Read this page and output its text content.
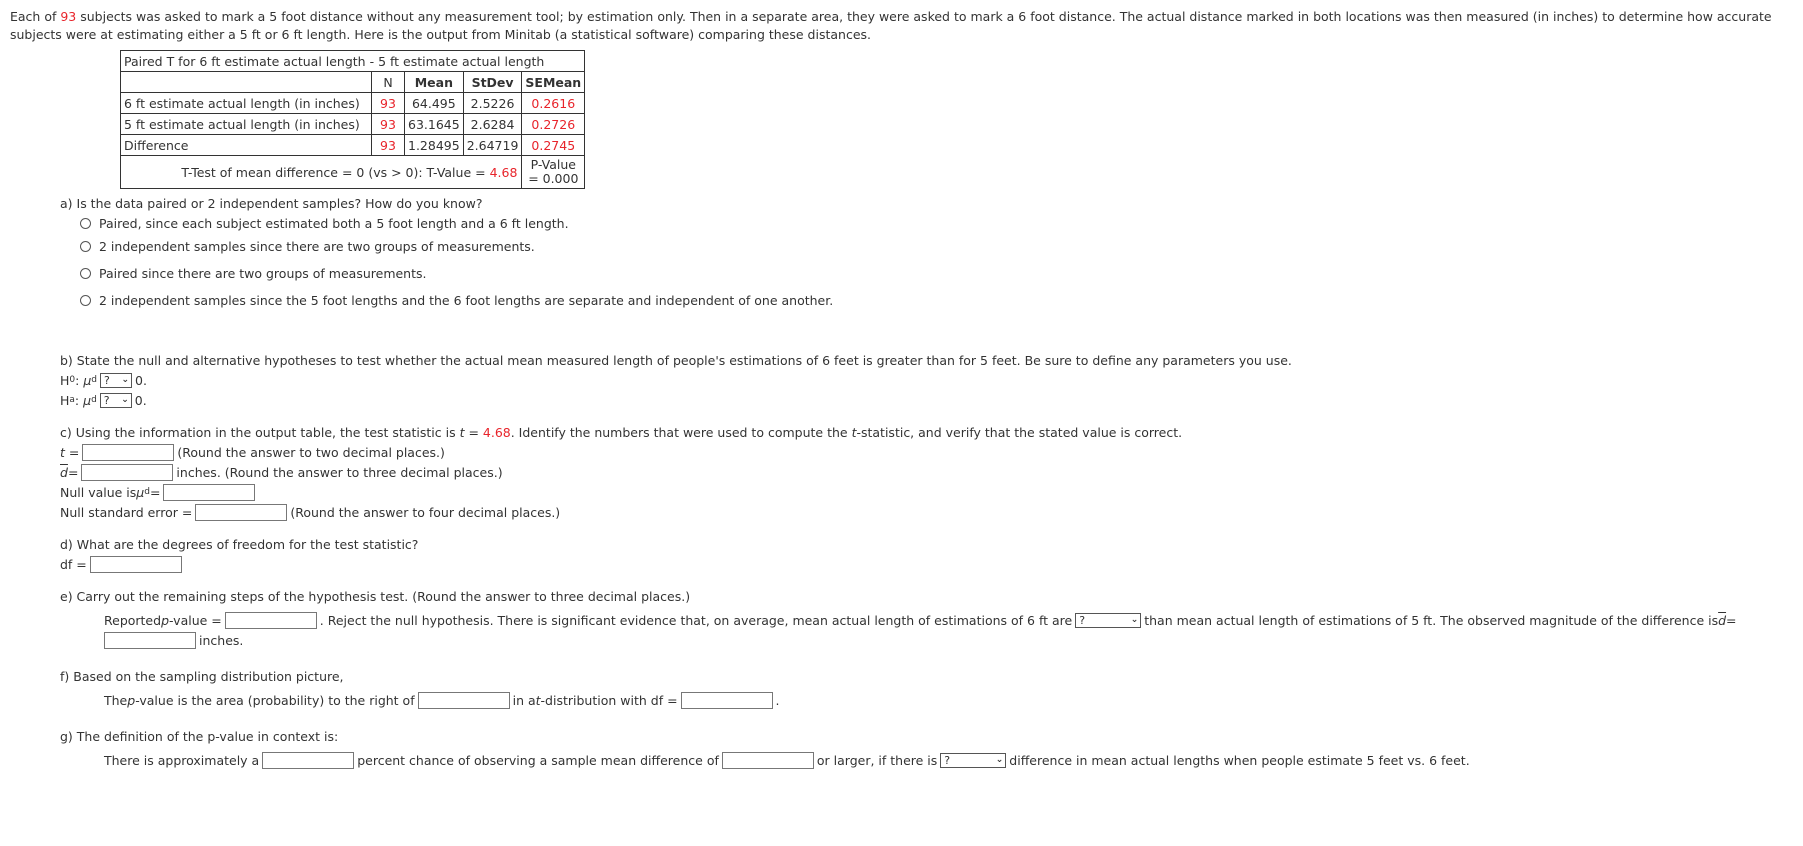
Each of 93 subjects was asked to mark a 5 foot distance without any measurement tool; by estimation only. Then in a separate area, they were asked to mark a 6 foot distance. The actual distance marked in both locations was then measured (in inches) to determine how accurate subjects were at estimating either a 5 ft or 6 ft length. Here is the output from Minitab (a statistical software) comparing these distances.
Paired T for 6 ft estimate actual length - 5 ft estimate actual length				
	N	Mean	StDev	SEMean
6 ft estimate actual length (in inches)	93	64.495	2.5226	0.2616
5 ft estimate actual length (in inches)	93	63.1645	2.6284	0.2726
Difference	93	1.28495	2.64719	0.2745
T-Test of mean difference = 0 (vs > 0): T-Value = 4.68				P-Value
= 0.000
a) Is the data paired or 2 independent samples? How do you know?
Paired, since each subject estimated both a 5 foot length and a 6 ft length.
2 independent samples since there are two groups of measurements.
Paired since there are two groups of measurements.
2 independent samples since the 5 foot lengths and the 6 foot lengths are separate and independent of one another.
b) State the null and alternative hypotheses to test whether the actual mean measured length of people's estimations of 6 feet is greater than for 5 feet. Be sure to define any parameters you use.
H 0 : μ d ? ⌄ 0.
H a : μ d ? ⌄ 0.
c) Using the information in the output table, the test statistic is t = 4.68. Identify the numbers that were used to compute the t-statistic, and verify that the stated value is correct.
t =	(Round the answer to two decimal places.)
$\overline{d}$ =	inches. (Round the answer to three decimal places.)
Null value is μ d =
Null standard error =	(Round the answer to four decimal places.)
d) What are the degrees of freedom for the test statistic?
df =
e) Carry out the remaining steps of the hypothesis test. (Round the answer to three decimal places.)
Reported p -value =	. Reject the null hypothesis. There is significant evidence that, on average, mean actual length of estimations of 6 ft are ?	⌄ than mean actual length of estimations of 5 ft. The observed magnitude of the difference is $\overline{d}$ =
inches.
f) Based on the sampling distribution picture,
The p -value is the area (probability) to the right of	in a t -distribution with df =	.
g) The definition of the p-value in context is:
There is approximately a	percent chance of observing a sample mean difference of	or larger, if there is ?	⌄ difference in mean actual lengths when people estimate 5 feet vs. 6 feet.
